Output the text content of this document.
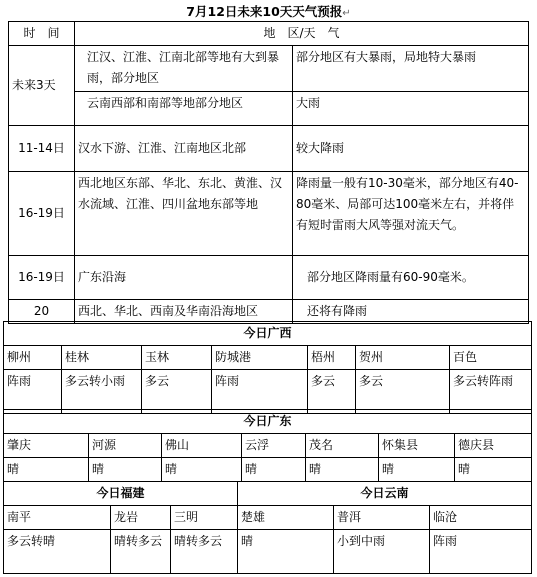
7月12日未来10天天气预报↵
时　间	地　区/天　气	
未来3天	江汉、江淮、江南北部等地有大到暴雨，部分地区	部分地区有大暴雨，局地特大暴雨
	云南西部和南部等地部分地区	大雨
11-14日	汉水下游、江淮、江南地区北部	较大降雨
16-19日	西北地区东部、华北、东北、黄淮、汉水流域、江淮、四川盆地东部等地	降雨量一般有10-30毫米，部分地区有40-80毫米、局部可达100毫米左右，并将伴有短时雷雨大风等强对流天气。
16-19日	广东沿海	部分地区降雨量有60-90毫米。
20	西北、华北、西南及华南沿海地区	还将有降雨
今日广西						
柳州	桂林	玉林	防城港	梧州	贺州	百色
阵雨	多云转小雨	多云	阵雨	多云	多云	多云转阵雨
今日广东						
肇庆	河源	佛山	云浮	茂名	怀集县	德庆县
晴	晴	晴	晴	晴	晴	晴
今日福建			今日云南		
南平	龙岩	三明	楚雄	普洱	临沧
多云转晴	晴转多云	晴转多云	晴	小到中雨	阵雨
